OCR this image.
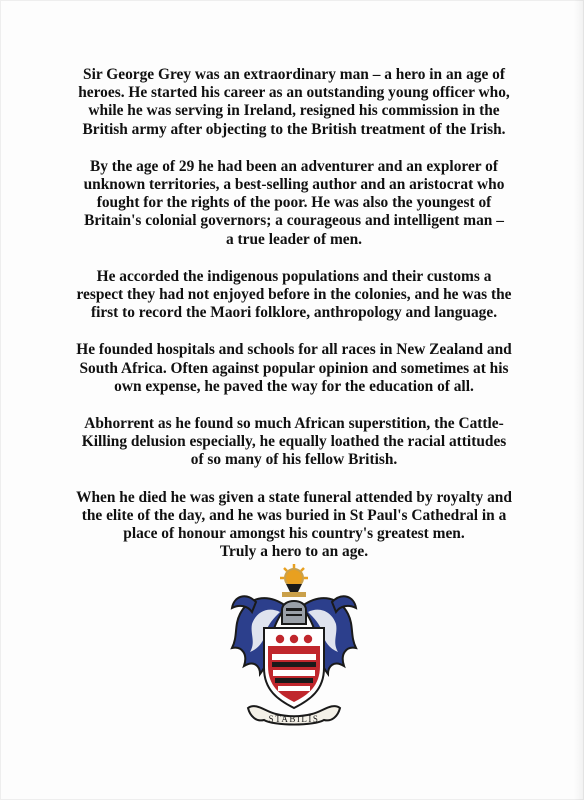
Sir George Grey was an extraordinary man – a hero in an age of
heroes. He started his career as an outstanding young officer who,
while he was serving in Ireland, resigned his commission in the
British army after objecting to the British treatment of the Irish.

By the age of 29 he had been an adventurer and an explorer of
unknown territories, a best-selling author and an aristocrat who
fought for the rights of the poor. He was also the youngest of
Britain's colonial governors; a courageous and intelligent man –
a true leader of men.

He accorded the indigenous populations and their customs a
respect they had not enjoyed before in the colonies, and he was the
first to record the Maori folklore, anthropology and language.

He founded hospitals and schools for all races in New Zealand and
South Africa. Often against popular opinion and sometimes at his
own expense, he paved the way for the education of all.

Abhorrent as he found so much African superstition, the Cattle-
Killing delusion especially, he equally loathed the racial attitudes
of so many of his fellow British.

When he died he was given a state funeral attended by royalty and
the elite of the day, and he was buried in St Paul's Cathedral in a
place of honour amongst his country's greatest men.
Truly a hero to an age.

STABILIS
